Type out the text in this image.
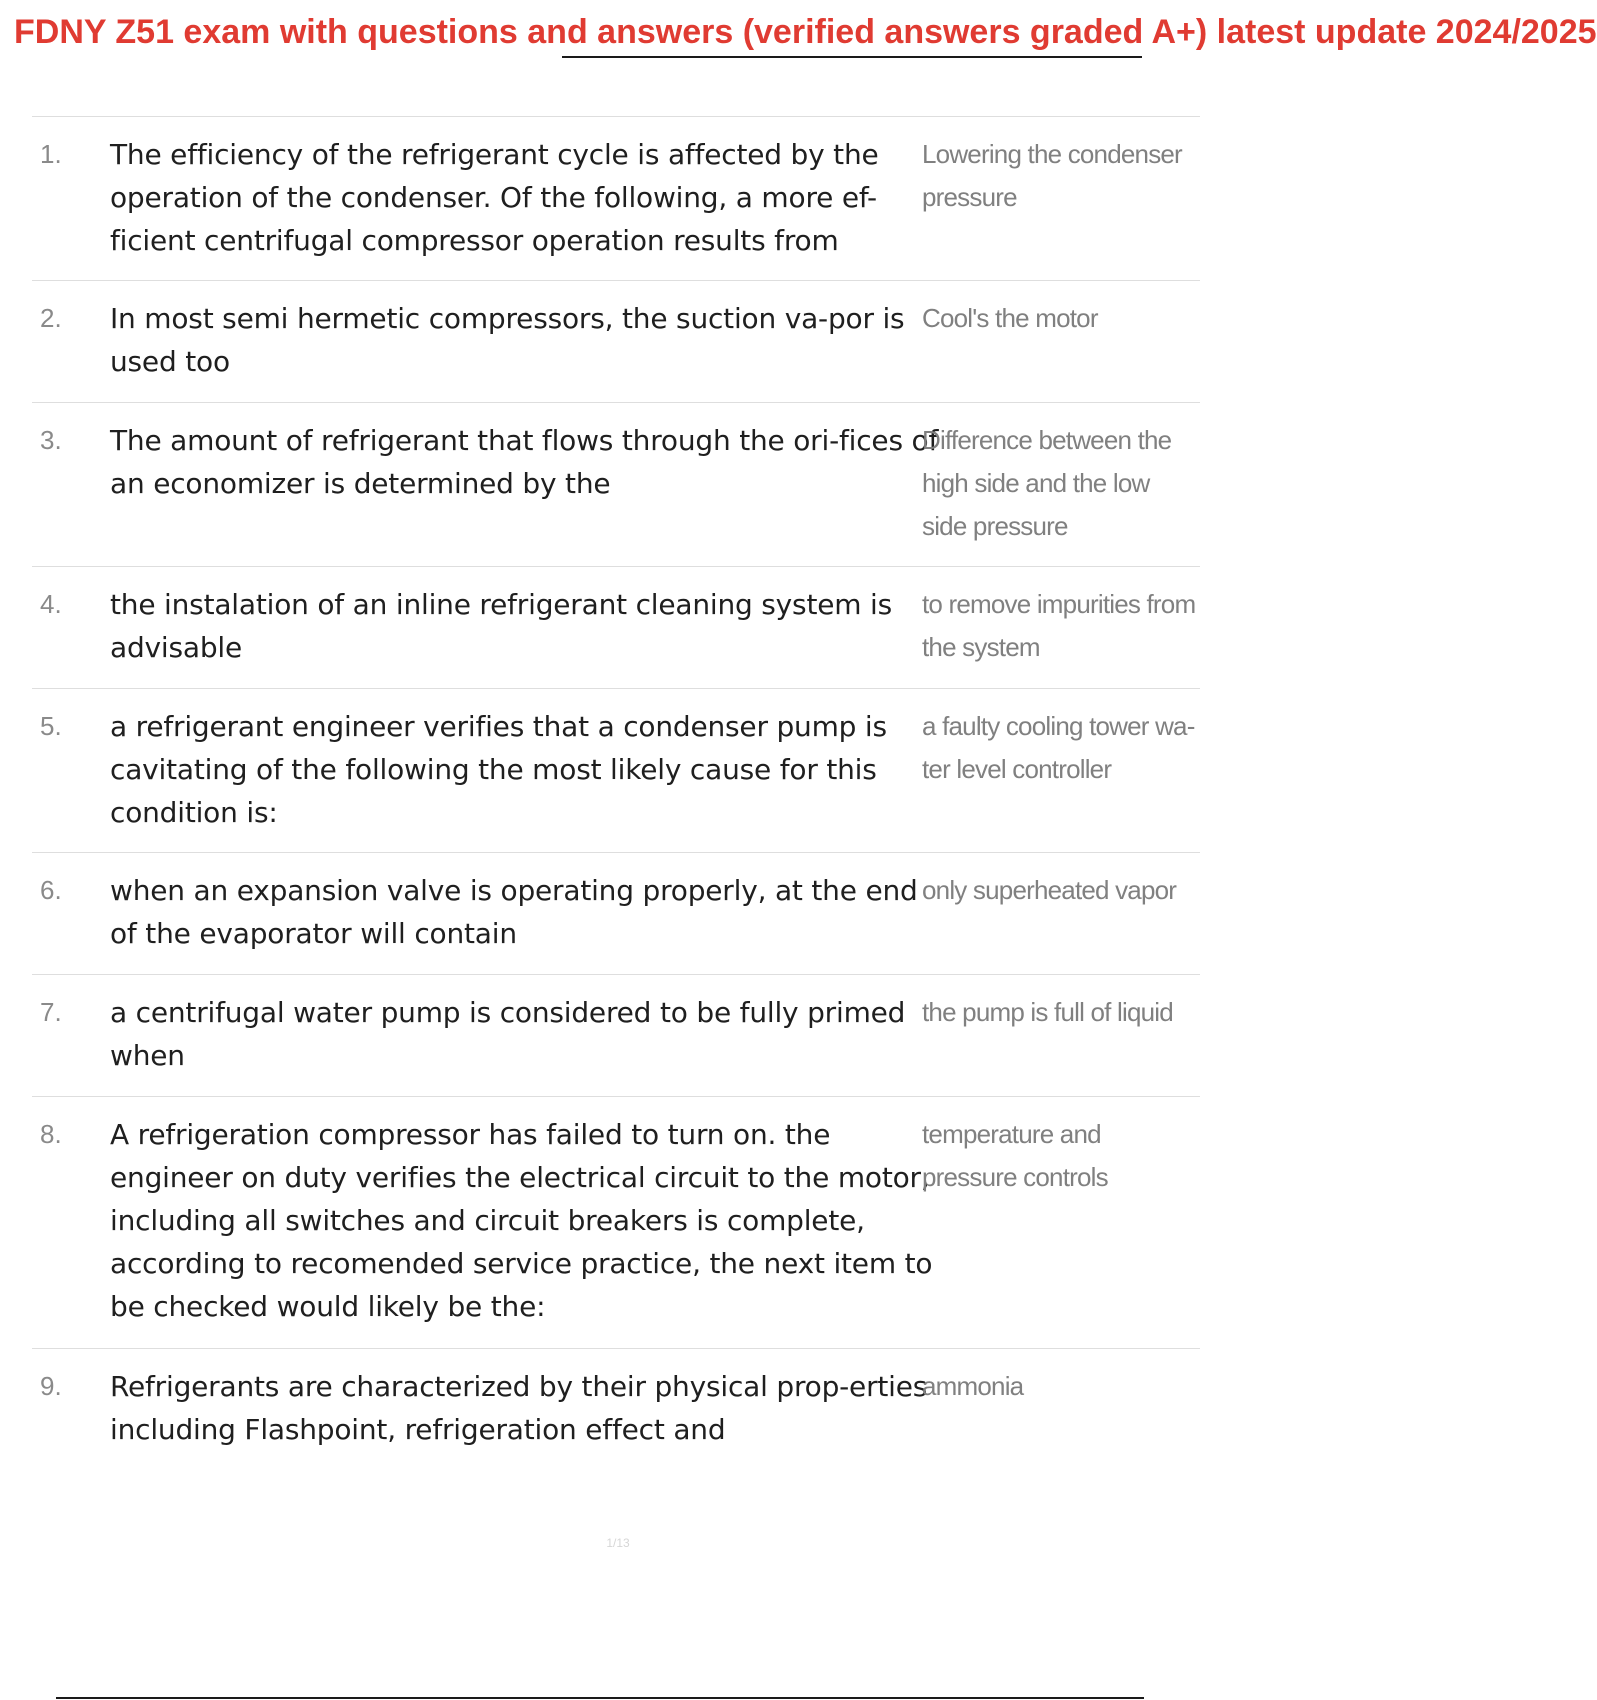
FDNY Z51 exam with questions and answers (verified answers graded A+) latest update 2024/2025
1. The efficiency of the refrigerant cycle is affected by the operation of the condenser. Of the following, a more ef-ficient centrifugal compressor operation results from
Lowering the condenser pressure
2. In most semi hermetic compressors, the suction va-por is used too
Cool's the motor
3. The amount of refrigerant that flows through the ori-fices of an economizer is determined by the
Difference between the high side and the low side pressure
4. the instalation of an inline refrigerant cleaning system is advisable
to remove impurities from the system
5. a refrigerant engineer verifies that a condenser pump is cavitating of the following the most likely cause for this condition is:
a faulty cooling tower wa-ter level controller
6. when an expansion valve is operating properly, at the end of the evaporator will contain
only superheated vapor
7. a centrifugal water pump is considered to be fully primed when
the pump is full of liquid
8. A refrigeration compressor has failed to turn on. the engineer on duty verifies the electrical circuit to the motor, including all switches and circuit breakers is complete, according to recomended service practice, the next item to be checked would likely be the:
temperature and pressure controls
9. Refrigerants are characterized by their physical prop-erties including Flashpoint, refrigeration effect and
ammonia
1/13
